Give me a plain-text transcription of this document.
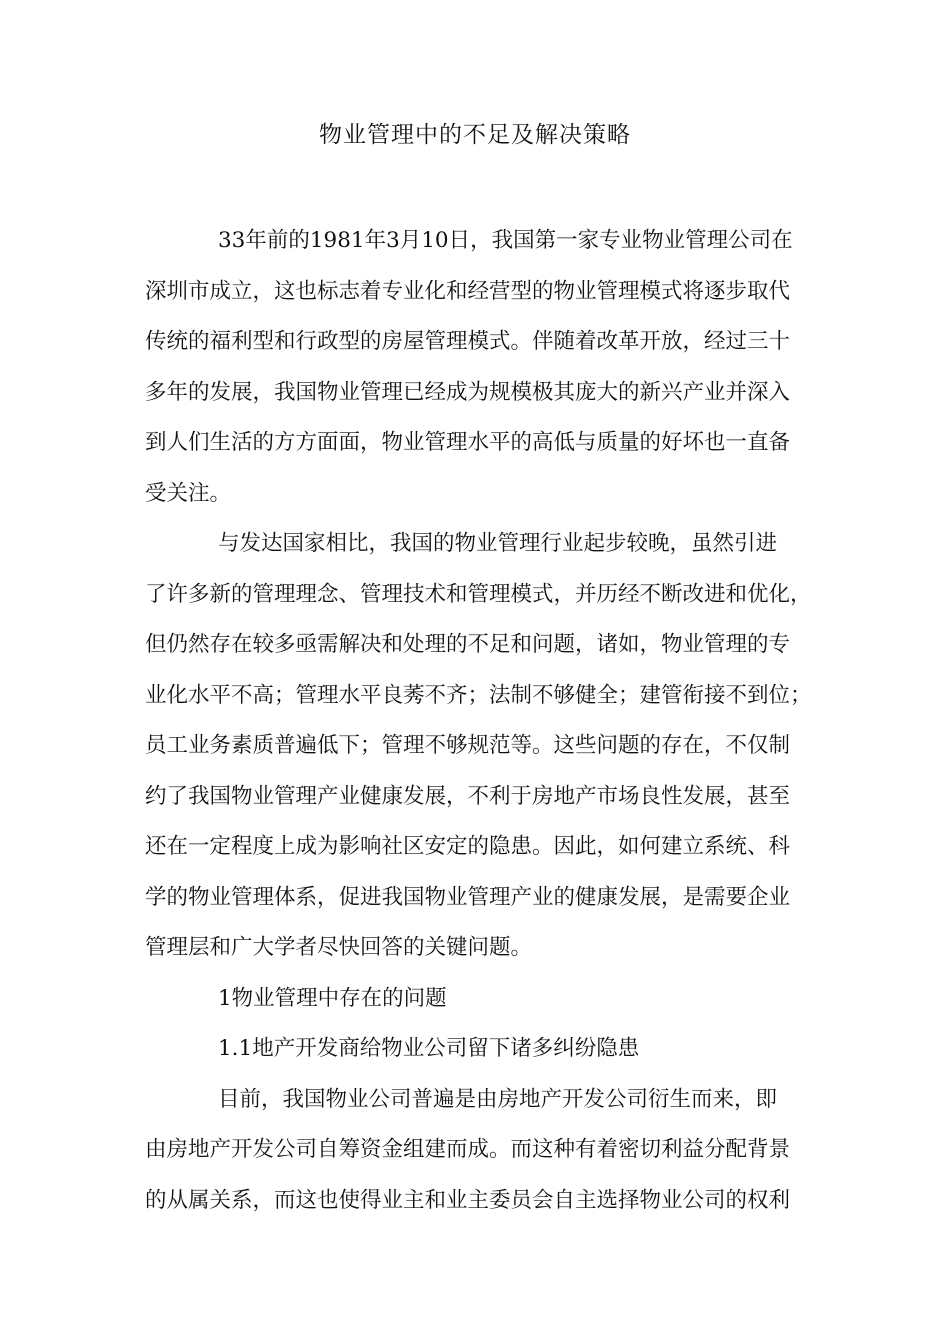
物业管理中的不足及解决策略

33年前的1981年3月10日，我国第一家专业物业管理公司在

深圳市成立，这也标志着专业化和经营型的物业管理模式将逐步取代

传统的福利型和行政型的房屋管理模式。伴随着改革开放，经过三十

多年的发展，我国物业管理已经成为规模极其庞大的新兴产业并深入

到人们生活的方方面面，物业管理水平的高低与质量的好坏也一直备

受关注。

与发达国家相比，我国的物业管理行业起步较晚，虽然引进

了许多新的管理理念、管理技术和管理模式，并历经不断改进和优化，

但仍然存在较多亟需解决和处理的不足和问题，诸如，物业管理的专

业化水平不高；管理水平良莠不齐；法制不够健全；建管衔接不到位；

员工业务素质普遍低下；管理不够规范等。这些问题的存在，不仅制

约了我国物业管理产业健康发展，不利于房地产市场良性发展，甚至

还在一定程度上成为影响社区安定的隐患。因此，如何建立系统、科

学的物业管理体系，促进我国物业管理产业的健康发展，是需要企业

管理层和广大学者尽快回答的关键问题。

1物业管理中存在的问题

1.1地产开发商给物业公司留下诸多纠纷隐患

目前，我国物业公司普遍是由房地产开发公司衍生而来，即

由房地产开发公司自筹资金组建而成。而这种有着密切利益分配背景

的从属关系，而这也使得业主和业主委员会自主选择物业公司的权利
